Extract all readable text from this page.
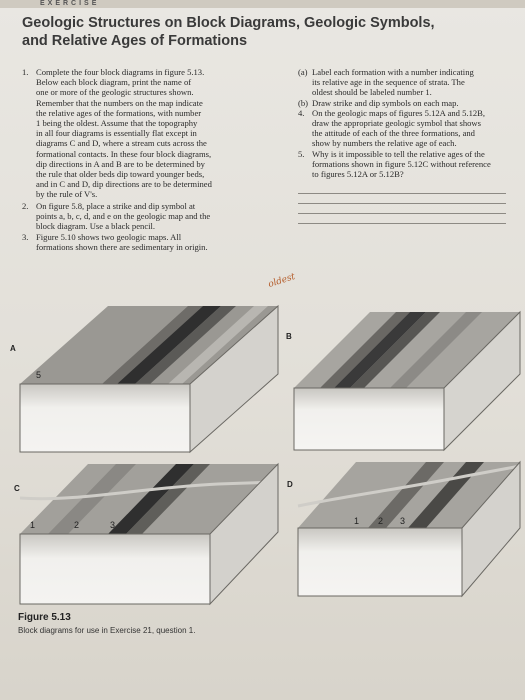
EXERCISE
Geologic Structures on Block Diagrams, Geologic Symbols,
and Relative Ages of Formations
1. Complete the four block diagrams in figure 5.13.
Below each block diagram, print the name of
one or more of the geologic structures shown.
Remember that the numbers on the map indicate
the relative ages of the formations, with number
1 being the oldest. Assume that the topography
in all four diagrams is essentially flat except in
diagrams C and D, where a stream cuts across the
formational contacts. In these four block diagrams,
dip directions in A and B are to be determined by
the rule that older beds dip toward younger beds,
and in C and D, dip directions are to be determined
by the rule of V's.
2. On figure 5.8, place a strike and dip symbol at
points a, b, c, d, and e on the geologic map and the
block diagram. Use a black pencil.
3. Figure 5.10 shows two geologic maps. All
formations shown there are sedimentary in origin.
(a) Label each formation with a number indicating
its relative age in the sequence of strata. The
oldest should be labeled number 1.
(b) Draw strike and dip symbols on each map.
4. On the geologic maps of figures 5.12A and 5.12B,
draw the appropriate geologic symbol that shows
the attitude of each of the three formations, and
show by numbers the relative age of each.
5. Why is it impossible to tell the relative ages of the
formations shown in figure 5.12C without reference
to figures 5.12A or 5.12B?
oldest
A
5
B
C
1	2	3
D
1 2 3
Figure 5.13
Block diagrams for use in Exercise 21, question 1.
